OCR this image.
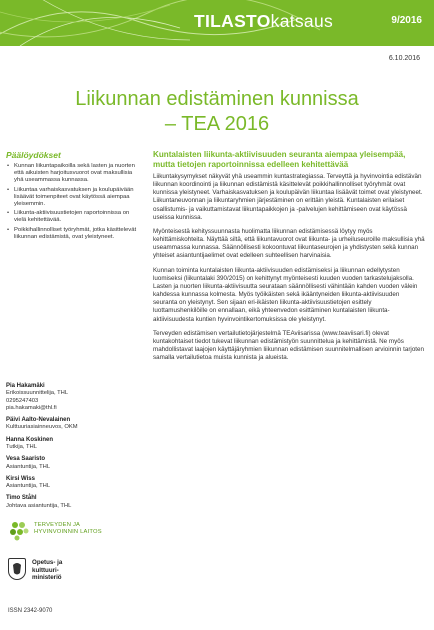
TILASTOkatsaus	9/2016
6.10.2016
Liikunnan edistäminen kunnissa
– TEA 2016
Päälöydökset
• Kunnan liikuntapaikoilla sekä lasten ja nuorten että aikuisten harjoitusvuorot ovat maksullisia yhä useammassa kunnassa.
• Liikuntaa varhaiskasvatuksen ja koulupäivään lisäävät toimenpiteet ovat käytössä aiempaa yleisemmin.
• Liikunta-aktiivisuustietojen raportoinnissa on vielä kehitettävää.
• Poikkihallinnolliset työryhmät, jotka käsittelevät liikunnan edistämistä, ovat yleistyneet.
Pia Hakamäki
Erikoissuunnittelija, THL
0295247403
pia.hakamaki@thl.fi
Päivi Aalto-Nevalainen
Kulttuuriasiainneuvos, OKM
Hanna Koskinen
Tutkija, THL
Vesa Saaristo
Asiantuntija, THL
Kirsi Wiss
Asiantuntija, THL
Timo Ståhl
Johtava asiantuntija, THL
TERVEYDEN JA
HYVINVOINNIN LAITOS
Opetus- ja
kulttuuri-
ministeriö
ISSN 2342-9070
Kuntalaisten liikunta-aktiivisuuden seuranta aiempaa yleisempää, mutta tietojen raportoinnissa edelleen kehitettävää

Liikuntakysymykset näkyvät yhä useammin kuntastrategiassa. Terveyttä ja hyvinvointia edistävän liikunnan koordinointi ja liikunnan edistämistä käsittelevät poikkihallinnolliset työryhmät ovat kunnissa yleistyneet. Varhaiskasvatuksen ja koulupäivän liikuntaa lisäävät toimet ovat yleistyneet. Liikuntaneuvonnan ja liikuntaryhmien järjestäminen on erittäin yleistä. Kuntalaisten erilaiset osallistumis- ja vaikuttamistavat liikuntapaikkojen ja -palvelujen kehittämiseen ovat käytössä useissa kunnissa.

Myönteisestä kehityssuunnasta huolimatta liikunnan edistämisessä löytyy myös kehittämiskohteita. Näyttää siltä, että liikuntavuorot ovat liikunta- ja urheiluseuroille maksullisia yhä useammassa kunnassa. Säännöllisesti kokoontuvat liikuntaseurojen ja yhdistysten sekä kunnan yhteiset asiantuntijaelimet ovat edelleen suhteellisen harvinaisia.

Kunnan toiminta kuntalaisten liikunta-aktiivisuuden edistämiseksi ja liikunnan edellytysten luomiseksi (liikuntalaki 390/2015) on kehittynyt myönteisesti kuuden vuoden tarkastelujaksolla. Lasten ja nuorten liikunta-aktiivisuutta seurataan säännöllisesti vähintään kahden vuoden välein kahdessa kunnassa kolmesta. Myös työikäisten sekä ikääntyneiden liikunta-aktiivisuuden seuranta on yleistynyt. Sen sijaan eri-ikäisten liikunta-aktiivisuustietojen esittely luottamushenkilöille on ennallaan, eikä yhteenvedon esittäminen kuntalaisten liikunta-aktiivisuudesta kuntien hyvinvointikertomuksissa ole yleistynyt.

Terveyden edistämisen vertailutietojärjestelmä TEAviisarissa (www.teaviisari.fi) olevat kuntakohtaiset tiedot tukevat liikunnan edistämistyön suunnittelua ja kehittämistä. Ne myös mahdollistavat laajojen käyttäjäryhmien liikunnan edistämisen suunnitelmallisen arvioinnin tarjoten samalla vertailutietoa muista kunnista ja alueista.
